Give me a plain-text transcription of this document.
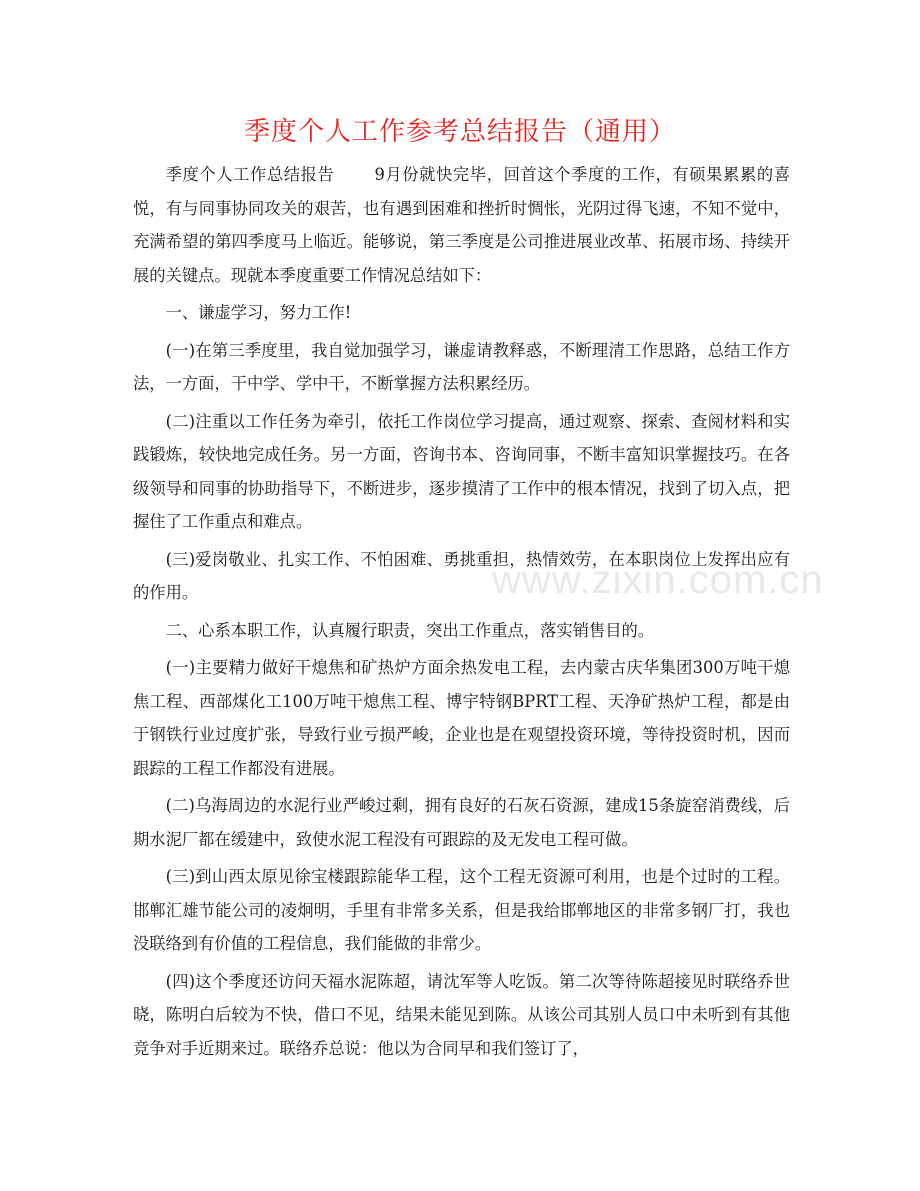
季度个人工作参考总结报告（通用）

季度个人工作总结报告 9月份就快完毕，回首这个季度的工作，有硕果累累的喜悦，有与同事协同攻关的艰苦，也有遇到困难和挫折时惆怅，光阴过得飞速，不知不觉中，充满希望的第四季度马上临近。能够说，第三季度是公司推进展业改革、拓展市场、持续开展的关键点。现就本季度重要工作情况总结如下：

一、谦虚学习，努力工作!

(一)在第三季度里，我自觉加强学习，谦虚请教释惑，不断理清工作思路，总结工作方法，一方面，干中学、学中干，不断掌握方法积累经历。

(二)注重以工作任务为牵引，依托工作岗位学习提高，通过观察、探索、查阅材料和实践锻炼，较快地完成任务。另一方面，咨询书本、咨询同事，不断丰富知识掌握技巧。在各级领导和同事的协助指导下，不断进步，逐步摸清了工作中的根本情况，找到了切入点，把握住了工作重点和难点。

(三)爱岗敬业、扎实工作、不怕困难、勇挑重担，热情效劳，在本职岗位上发挥出应有的作用。

二、心系本职工作，认真履行职责，突出工作重点，落实销售目的。

(一)主要精力做好干熄焦和矿热炉方面余热发电工程，去内蒙古庆华集团300万吨干熄焦工程、西部煤化工100万吨干熄焦工程、博宇特钢BPRT工程、天净矿热炉工程，都是由于钢铁行业过度扩张，导致行业亏损严峻，企业也是在观望投资环境，等待投资时机，因而跟踪的工程工作都没有进展。

(二)乌海周边的水泥行业严峻过剩，拥有良好的石灰石资源，建成15条旋窑消费线，后期水泥厂都在缓建中，致使水泥工程没有可跟踪的及无发电工程可做。

(三)到山西太原见徐宝楼跟踪能华工程，这个工程无资源可利用，也是个过时的工程。邯郸汇雄节能公司的凌炯明，手里有非常多关系，但是我给邯郸地区的非常多钢厂打，我也没联络到有价值的工程信息，我们能做的非常少。

(四)这个季度还访问天福水泥陈超，请沈军等人吃饭。第二次等待陈超接见时联络乔世晓，陈明白后较为不快，借口不见，结果未能见到陈。从该公司其别人员口中未听到有其他竞争对手近期来过。联络乔总说：他以为合同早和我们签订了，

www.zixin.com.cn
